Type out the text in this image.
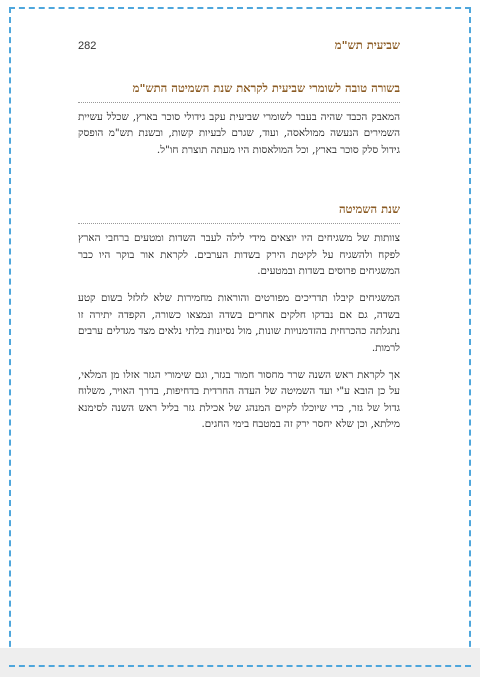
שביעית תש"מ
282
בשורה טובה לשומרי שביעית לקראת שנת השמיטה התש"מ

המאבק הכבד שהיה בעבר לשומרי שביעית עקב גידולי סוכר בארץ, שכלל עשיית השמירים הנעשה ממולאסה, ועוד, שגרם לבעיות קשות, ובשנת תש"מ הופסק גידול סלק סוכר בארץ, וכל המולאסות היו מעתה תוצרת חו"ל.

שנת השמיטה

צוותות של משגיחים היו יוצאים מידי לילה לעבר השדות ומטעים ברחבי הארץ לפקח ולהשגיח על לקיטת הירק בשדות הערבים. לקראת אור בוקר היו כבר המשגיחים פרוסים בשדות ובמטעים.

המשגיחים קיבלו תדריכים מפורטים והוראות מחמירות שלא לזלזל בשום קטע בשדה, גם אם נבדקו חלקים אחרים בשדה ונמצאו כשורה, הקפדה יתירה זו נתגלתה כהכרחית בהזדמנויות שונות, מול נסיונות בלתי נלאים מצד מגדלים ערבים לרמות.

אך לקראת ראש השנה שרר מחסור חמור בגזר, וגם שימורי הגזר אזלו מן המלאי, על כן הובא ע"י ועד השמיטה של העדה החרדית בדחיפות, בדרך האויר, משלוח גדול של גזר, כדי שיוכלו לקיים המנהג של אכילת גזר בליל ראש השנה לסימנא מילתא, וכן שלא יחסר ירק זה במטבח בימי החגים.
